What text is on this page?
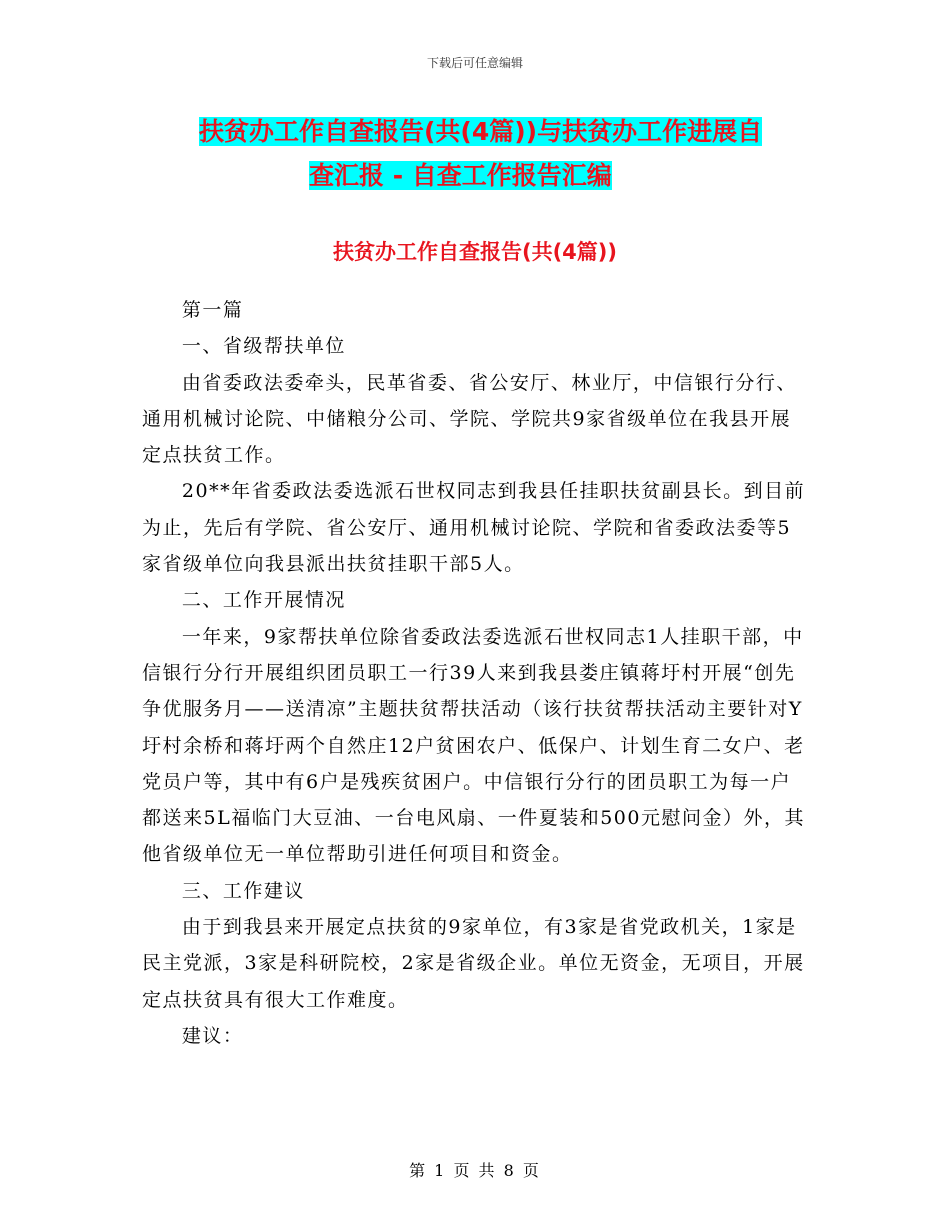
下载后可任意编辑
扶贫办工作自查报告(共(4篇))与扶贫办工作进展自
查汇报 - 自查工作报告汇编
扶贫办工作自查报告(共(4篇))

第一篇

一、省级帮扶单位

由省委政法委牵头，民革省委、省公安厅、林业厅，中信银行分行、通用机械讨论院、中储粮分公司、学院、学院共9家省级单位在我县开展定点扶贫工作。

20**年省委政法委选派石世权同志到我县任挂职扶贫副县长。到目前为止，先后有学院、省公安厅、通用机械讨论院、学院和省委政法委等5家省级单位向我县派出扶贫挂职干部5人。

二、工作开展情况

一年来，9家帮扶单位除省委政法委选派石世权同志1人挂职干部，中信银行分行开展组织团员职工一行39人来到我县娄庄镇蒋圩村开展“创先争优服务月——送清凉”主题扶贫帮扶活动（该行扶贫帮扶活动主要针对Y圩村余桥和蒋圩两个自然庄12户贫困农户、低保户、计划生育二女户、老党员户等，其中有6户是残疾贫困户。中信银行分行的团员职工为每一户都送来5L福临门大豆油、一台电风扇、一件夏装和500元慰问金）外，其他省级单位无一单位帮助引进任何项目和资金。

三、工作建议

由于到我县来开展定点扶贫的9家单位，有3家是省党政机关，1家是民主党派，3家是科研院校，2家是省级企业。单位无资金，无项目，开展定点扶贫具有很大工作难度。

建议：

第 1 页 共 8 页
